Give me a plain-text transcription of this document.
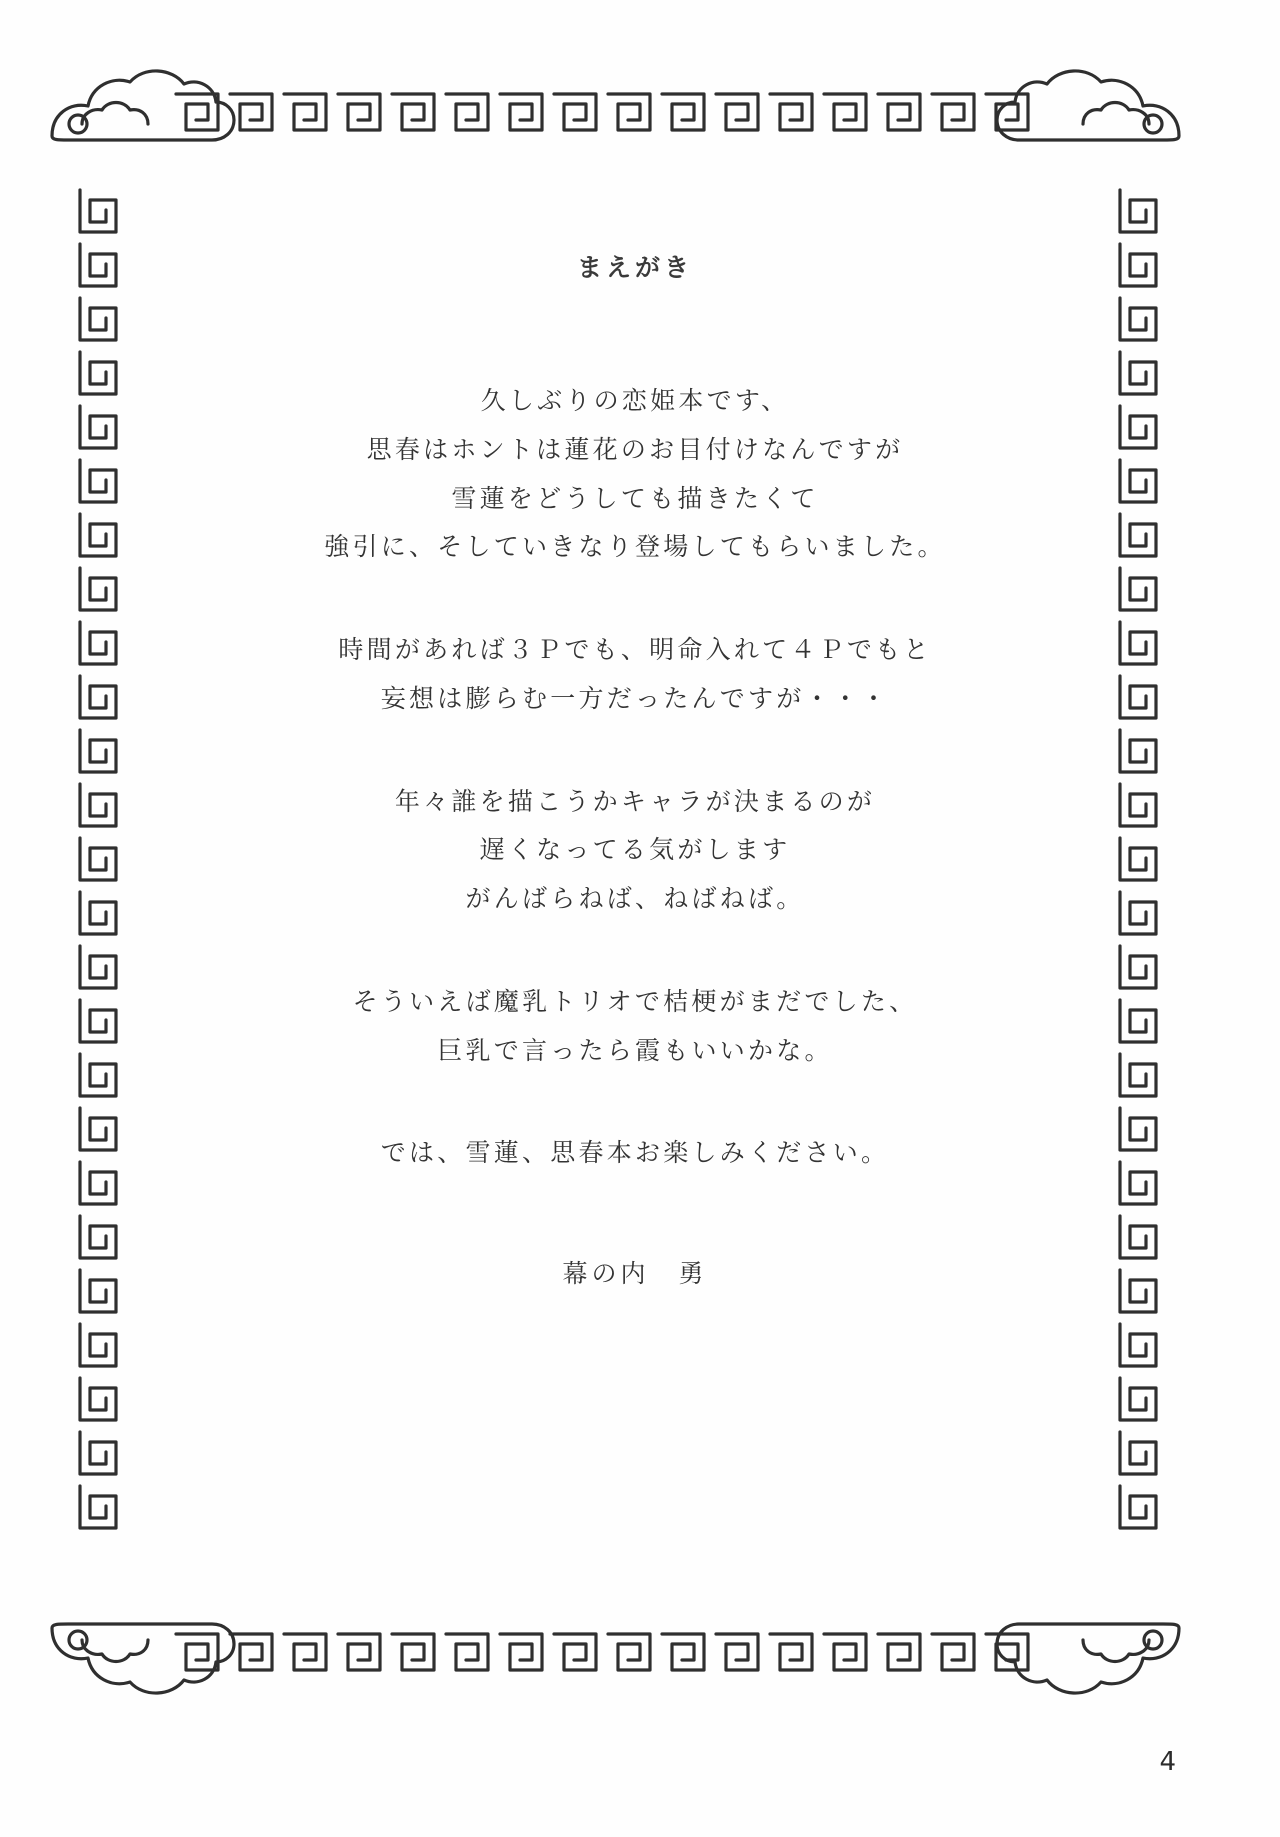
まえがき
久しぶりの恋姫本です、
思春はホントは蓮花のお目付けなんですが
雪蓮をどうしても描きたくて
強引に、そしていきなり登場してもらいました。
時間があれば３Ｐでも、明命入れて４Ｐでもと
妄想は膨らむ一方だったんですが・・・
年々誰を描こうかキャラが決まるのが
遅くなってる気がします
がんばらねば、ねばねば。
そういえば魔乳トリオで桔梗がまだでした、
巨乳で言ったら霞もいいかな。
では、雪蓮、思春本お楽しみください。
幕の内　勇
4
